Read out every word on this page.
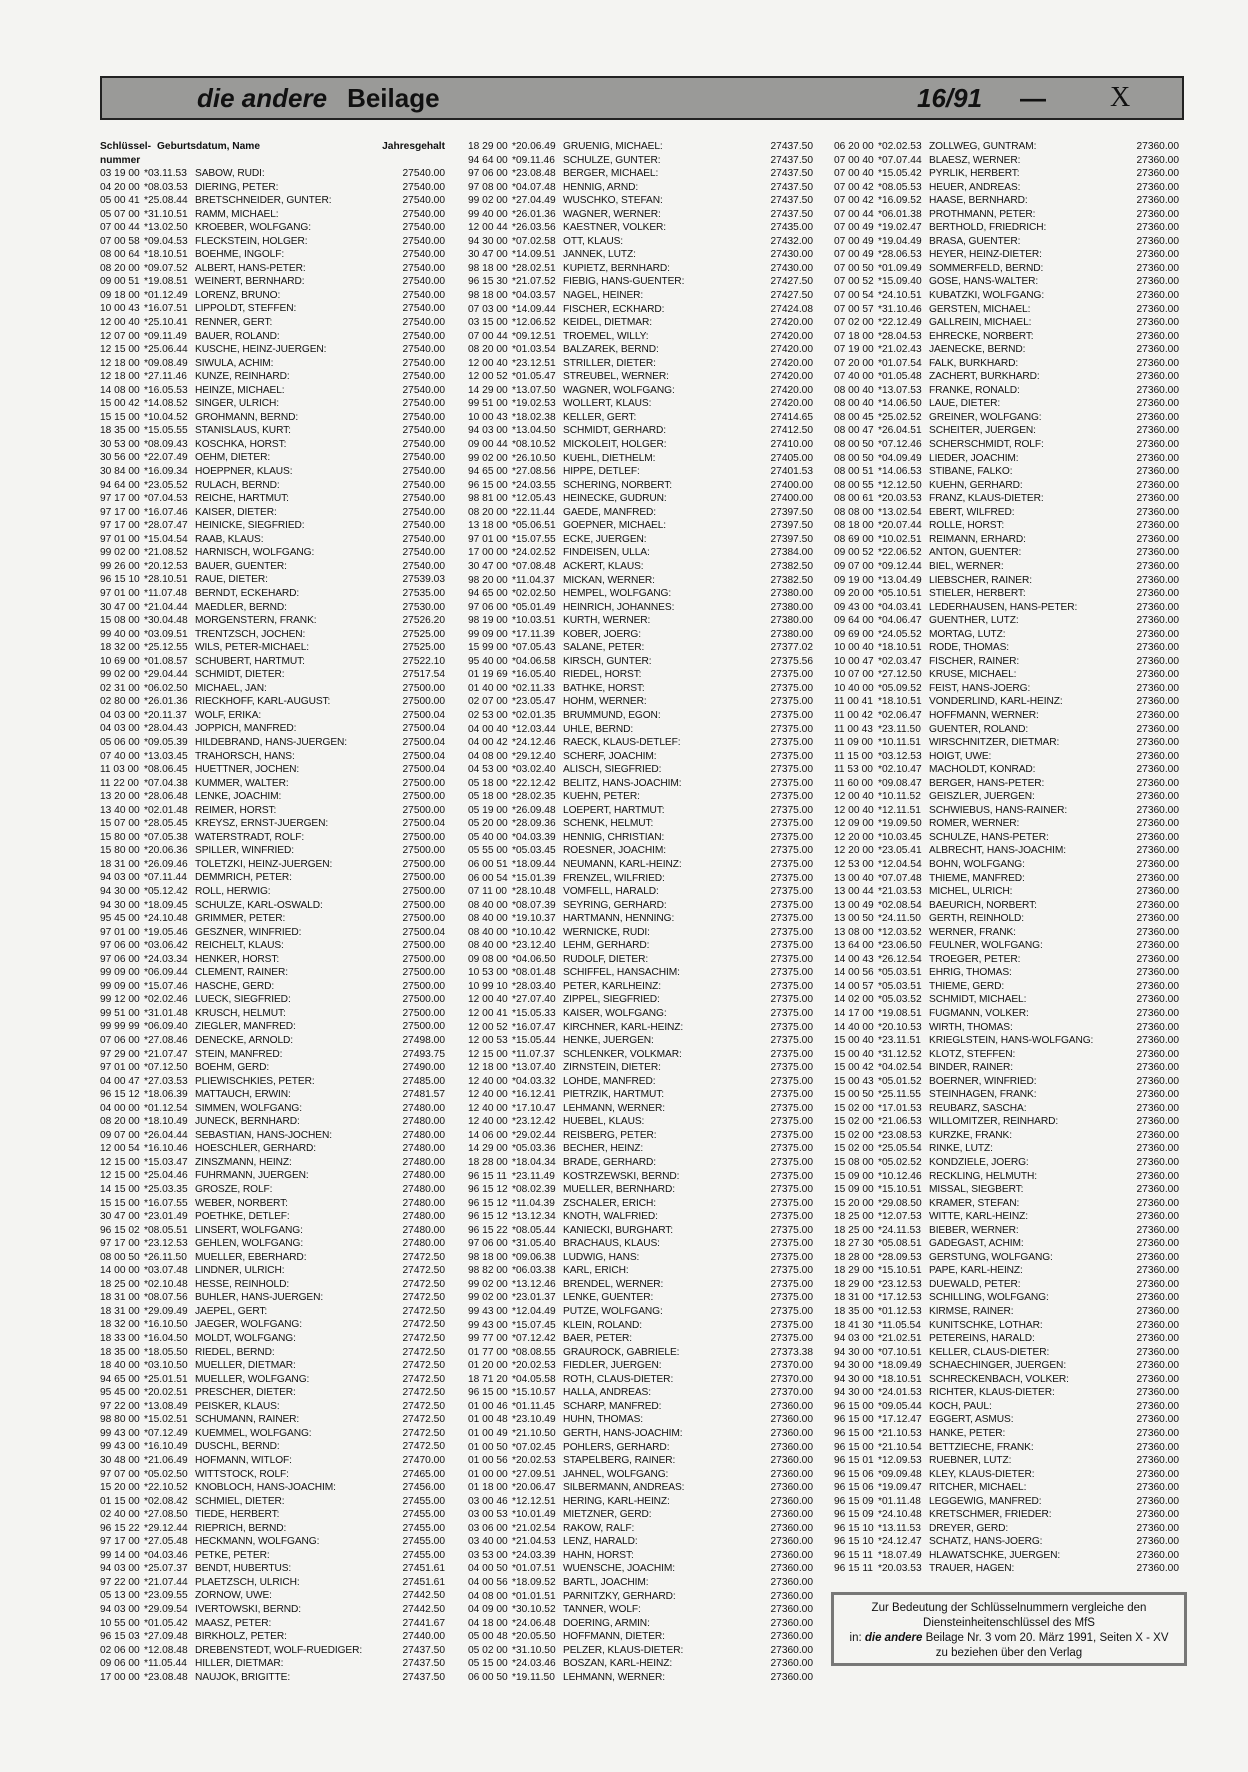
die andere Beilage	16/91 — X
Schlüssel-nummer
Geburtsdatum, Name	Jahresgehalt
03 19 00 *03.11.53 SABOW, RUDI:	27540.00
04 20 00 *08.03.53 DIERING, PETER:	27540.00
05 00 41 *25.08.44 BRETSCHNEIDER, GUNTER:	27540.00
05 07 00 *31.10.51 RAMM, MICHAEL:	27540.00
07 00 44 *13.02.50 KROEBER, WOLFGANG:	27540.00
07 00 58 *09.04.53 FLECKSTEIN, HOLGER:	27540.00
08 00 64 *18.10.51 BOEHME, INGOLF:	27540.00
08 20 00 *09.07.52 ALBERT, HANS-PETER:	27540.00
09 00 51 *19.08.51 WEINERT, BERNHARD:	27540.00
09 18 00 *01.12.49 LORENZ, BRUNO:	27540.00
10 00 43 *16.07.51 LIPPOLDT, STEFFEN:	27540.00
12 00 40 *25.10.41 RENNER, GERT:	27540.00
12 07 00 *09.11.49 BAUER, ROLAND:	27540.00
12 15 00 *25.06.44 KUSCHE, HEINZ-JUERGEN:	27540.00
12 18 00 *09.08.49 SIWULA, ACHIM:	27540.00
12 18 00 *27.11.46 KUNZE, REINHARD:	27540.00
14 08 00 *16.05.53 HEINZE, MICHAEL:	27540.00
15 00 42 *14.08.52 SINGER, ULRICH:	27540.00
15 15 00 *10.04.52 GROHMANN, BERND:	27540.00
18 35 00 *15.05.55 STANISLAUS, KURT:	27540.00
30 53 00 *08.09.43 KOSCHKA, HORST:	27540.00
30 56 00 *22.07.49 OEHM, DIETER:	27540.00
30 84 00 *16.09.34 HOEPPNER, KLAUS:	27540.00
94 64 00 *23.05.52 RULACH, BERND:	27540.00
97 17 00 *07.04.53 REICHE, HARTMUT:	27540.00
97 17 00 *16.07.46 KAISER, DIETER:	27540.00
97 17 00 *28.07.47 HEINICKE, SIEGFRIED:	27540.00
97 01 00 *15.04.54 RAAB, KLAUS:	27540.00
99 02 00 *21.08.52 HARNISCH, WOLFGANG:	27540.00
99 26 00 *20.12.53 BAUER, GUENTER:	27540.00
96 15 10 *28.10.51 RAUE, DIETER:	27539.03
97 01 00 *11.07.48 BERNDT, ECKEHARD:	27535.00
30 47 00 *21.04.44 MAEDLER, BERND:	27530.00
15 08 00 *30.04.48 MORGENSTERN, FRANK:	27526.20
99 40 00 *03.09.51 TRENTZSCH, JOCHEN:	27525.00
18 32 00 *25.12.55 WILS, PETER-MICHAEL:	27525.00
10 69 00 *01.08.57 SCHUBERT, HARTMUT:	27522.10
99 02 00 *29.04.44 SCHMIDT, DIETER:	27517.54
02 31 00 *06.02.50 MICHAEL, JAN:	27500.00
02 80 00 *26.01.36 RIECKHOFF, KARL-AUGUST:	27500.00
04 03 00 *20.11.37 WOLF, ERIKA:	27500.04
04 03 00 *28.04.43 JOPPICH, MANFRED:	27500.04
05 06 00 *09.05.39 HILDEBRAND, HANS-JUERGEN:	27500.04
07 40 00 *13.03.45 TRAHORSCH, HANS:	27500.04
11 03 00 *08.06.45 HUETTNER, JOCHEN:	27500.04
11 22 00 *07.04.38 KUMMER, WALTER:	27500.00
13 20 00 *28.06.48 LENKE, JOACHIM:	27500.00
13 40 00 *02.01.48 REIMER, HORST:	27500.00
15 07 00 *28.05.45 KREYSZ, ERNST-JUERGEN:	27500.04
15 80 00 *07.05.38 WATERSTRADT, ROLF:	27500.00
15 80 00 *20.06.36 SPILLER, WINFRIED:	27500.00
18 31 00 *26.09.46 TOLETZKI, HEINZ-JUERGEN:	27500.00
94 03 00 *07.11.44 DEMMRICH, PETER:	27500.00
94 30 00 *05.12.42 ROLL, HERWIG:	27500.00
94 30 00 *18.09.45 SCHULZE, KARL-OSWALD:	27500.00
95 45 00 *24.10.48 GRIMMER, PETER:	27500.00
97 01 00 *19.05.46 GESZNER, WINFRIED:	27500.04
97 06 00 *03.06.42 REICHELT, KLAUS:	27500.00
97 06 00 *24.03.34 HENKER, HORST:	27500.00
99 09 00 *06.09.44 CLEMENT, RAINER:	27500.00
99 09 00 *15.07.46 HASCHE, GERD:	27500.00
99 12 00 *02.02.46 LUECK, SIEGFRIED:	27500.00
99 51 00 *31.01.48 KRUSCH, HELMUT:	27500.00
99 99 99 *06.09.40 ZIEGLER, MANFRED:	27500.00
07 06 00 *27.08.46 DENECKE, ARNOLD:	27498.00
97 29 00 *21.07.47 STEIN, MANFRED:	27493.75
97 01 00 *07.12.50 BOEHM, GERD:	27490.00
04 00 47 *27.03.53 PLIEWISCHKIES, PETER:	27485.00
96 15 12 *18.06.39 MATTAUCH, ERWIN:	27481.57
04 00 00 *01.12.54 SIMMEN, WOLFGANG:	27480.00
08 20 00 *18.10.49 JUNECK, BERNHARD:	27480.00
09 07 00 *26.04.44 SEBASTIAN, HANS-JOCHEN:	27480.00
12 00 54 *16.10.46 HOESCHLER, GERHARD:	27480.00
12 15 00 *15.03.47 ZINSZMANN, HEINZ:	27480.00
12 15 00 *25.04.46 FUHRMANN, JUERGEN:	27480.00
14 15 00 *25.03.35 GROSZE, ROLF:	27480.00
15 15 00 *16.07.55 WEBER, NORBERT:	27480.00
30 47 00 *23.01.49 POETHKE, DETLEF:	27480.00
96 15 02 *08.05.51 LINSERT, WOLFGANG:	27480.00
97 17 00 *23.12.53 GEHLEN, WOLFGANG:	27480.00
08 00 50 *26.11.50 MUELLER, EBERHARD:	27472.50
14 00 00 *03.07.48 LINDNER, ULRICH:	27472.50
18 25 00 *02.10.48 HESSE, REINHOLD:	27472.50
18 31 00 *08.07.56 BUHLER, HANS-JUERGEN:	27472.50
18 31 00 *29.09.49 JAEPEL, GERT:	27472.50
18 32 00 *16.10.50 JAEGER, WOLFGANG:	27472.50
18 33 00 *16.04.50 MOLDT, WOLFGANG:	27472.50
18 35 00 *18.05.50 RIEDEL, BERND:	27472.50
18 40 00 *03.10.50 MUELLER, DIETMAR:	27472.50
94 65 00 *25.01.51 MUELLER, WOLFGANG:	27472.50
95 45 00 *20.02.51 PRESCHER, DIETER:	27472.50
97 22 00 *13.08.49 PEISKER, KLAUS:	27472.50
98 80 00 *15.02.51 SCHUMANN, RAINER:	27472.50
99 43 00 *07.12.49 KUEMMEL, WOLFGANG:	27472.50
99 43 00 *16.10.49 DUSCHL, BERND:	27472.50
30 48 00 *21.06.49 HOFMANN, WITLOF:	27470.00
97 07 00 *05.02.50 WITTSTOCK, ROLF:	27465.00
15 20 00 *22.10.52 KNOBLOCH, HANS-JOACHIM:	27456.00
01 15 00 *02.08.42 SCHMIEL, DIETER:	27455.00
02 40 00 *27.08.50 TIEDE, HERBERT:	27455.00
96 15 22 *29.12.44 RIEPRICH, BERND:	27455.00
97 17 00 *27.05.48 HECKMANN, WOLFGANG:	27455.00
99 14 00 *04.03.46 PETKE, PETER:	27455.00
94 03 00 *25.07.37 BENDT, HUBERTUS:	27451.61
97 22 00 *21.07.44 PLAETZSCH, ULRICH:	27451.61
05 13 00 *23.09.55 ZORNOW, UWE:	27442.50
94 03 00 *29.09.54 IVERTOWSKI, BERND:	27442.50
10 55 00 *01.05.42 MAASZ, PETER:	27441.67
96 15 03 *27.09.48 BIRKHOLZ, PETER:	27440.00
02 06 00 *12.08.48 DREBENSTEDT, WOLF-RUEDIGER:	27437.50
09 06 00 *11.05.44 HILLER, DIETMAR:	27437.50
17 00 00 *23.08.48 NAUJOK, BRIGITTE:	27437.50
18 29 00 *20.06.49 GRUENIG, MICHAEL:	27437.50
94 64 00 *09.11.46 SCHULZE, GUNTER:	27437.50
97 06 00 *23.08.48 BERGER, MICHAEL:	27437.50
97 08 00 *04.07.48 HENNIG, ARND:	27437.50
99 02 00 *27.04.49 WUSCHKO, STEFAN:	27437.50
99 40 00 *26.01.36 WAGNER, WERNER:	27437.50
12 00 44 *26.03.56 KAESTNER, VOLKER:	27435.00
94 30 00 *07.02.58 OTT, KLAUS:	27432.00
30 47 00 *14.09.51 JANNEK, LUTZ:	27430.00
98 18 00 *28.02.51 KUPIETZ, BERNHARD:	27430.00
96 15 30 *21.07.52 FIEBIG, HANS-GUENTER:	27427.50
98 18 00 *04.03.57 NAGEL, HEINER:	27427.50
07 03 00 *14.09.44 FISCHER, ECKHARD:	27424.08
03 15 00 *12.06.52 KEIDEL, DIETMAR:	27420.00
07 00 44 *09.12.51 TROEMEL, WILLY:	27420.00
08 20 00 *01.03.54 BALZAREK, BERND:	27420.00
12 00 40 *23.12.51 STRILLER, DIETER:	27420.00
12 00 52 *01.05.47 STREUBEL, WERNER:	27420.00
14 29 00 *13.07.50 WAGNER, WOLFGANG:	27420.00
99 51 00 *19.02.53 WOLLERT, KLAUS:	27420.00
10 00 43 *18.02.38 KELLER, GERT:	27414.65
94 03 00 *13.04.50 SCHMIDT, GERHARD:	27412.50
09 00 44 *08.10.52 MICKOLEIT, HOLGER:	27410.00
99 02 00 *26.10.50 KUEHL, DIETHELM:	27405.00
94 65 00 *27.08.56 HIPPE, DETLEF:	27401.53
96 15 00 *24.03.55 SCHERING, NORBERT:	27400.00
98 81 00 *12.05.43 HEINECKE, GUDRUN:	27400.00
08 20 00 *22.11.44 GAEDE, MANFRED:	27397.50
13 18 00 *05.06.51 GOEPNER, MICHAEL:	27397.50
97 01 00 *15.07.55 ECKE, JUERGEN:	27397.50
17 00 00 *24.02.52 FINDEISEN, ULLA:	27384.00
30 47 00 *07.08.48 ACKERT, KLAUS:	27382.50
98 20 00 *11.04.37 MICKAN, WERNER:	27382.50
94 65 00 *02.02.50 HEMPEL, WOLFGANG:	27380.00
97 06 00 *05.01.49 HEINRICH, JOHANNES:	27380.00
98 19 00 *10.03.51 KURTH, WERNER:	27380.00
99 09 00 *17.11.39 KOBER, JOERG:	27380.00
15 99 00 *07.05.43 SALANE, PETER:	27377.02
95 40 00 *04.06.58 KIRSCH, GUNTER:	27375.56
01 19 69 *16.05.40 RIEDEL, HORST:	27375.00
01 40 00 *02.11.33 BATHKE, HORST:	27375.00
02 07 00 *23.05.47 HOHM, WERNER:	27375.00
02 53 00 *02.01.35 BRUMMUND, EGON:	27375.00
04 00 40 *12.03.44 UHLE, BERND:	27375.00
04 00 42 *24.12.46 RAECK, KLAUS-DETLEF:	27375.00
04 08 00 *29.12.40 SCHERF, JOACHIM:	27375.00
04 53 00 *03.02.40 ALISCH, SIEGFRIED:	27375.00
05 18 00 *22.12.42 BELITZ, HANS-JOACHIM:	27375.00
05 18 00 *28.02.35 KUEHN, PETER:	27375.00
05 19 00 *26.09.48 LOEPERT, HARTMUT:	27375.00
05 20 00 *28.09.36 SCHENK, HELMUT:	27375.00
05 40 00 *04.03.39 HENNIG, CHRISTIAN:	27375.00
05 55 00 *05.03.45 ROESNER, JOACHIM:	27375.00
06 00 51 *18.09.44 NEUMANN, KARL-HEINZ:	27375.00
06 00 54 *15.01.39 FRENZEL, WILFRIED:	27375.00
07 11 00 *28.10.48 VOMFELL, HARALD:	27375.00
08 40 00 *08.07.39 SEYRING, GERHARD:	27375.00
08 40 00 *19.10.37 HARTMANN, HENNING:	27375.00
08 40 00 *10.10.42 WERNICKE, RUDI:	27375.00
08 40 00 *23.12.40 LEHM, GERHARD:	27375.00
09 08 00 *04.06.50 RUDOLF, DIETER:	27375.00
10 53 00 *08.01.48 SCHIFFEL, HANSACHIM:	27375.00
10 99 10 *28.03.40 PETER, KARLHEINZ:	27375.00
12 00 40 *27.07.40 ZIPPEL, SIEGFRIED:	27375.00
12 00 41 *15.05.33 KAISER, WOLFGANG:	27375.00
12 00 52 *16.07.47 KIRCHNER, KARL-HEINZ:	27375.00
12 00 53 *15.05.44 HENKE, JUERGEN:	27375.00
12 15 00 *11.07.37 SCHLENKER, VOLKMAR:	27375.00
12 18 00 *13.07.40 ZIRNSTEIN, DIETER:	27375.00
12 40 00 *04.03.32 LOHDE, MANFRED:	27375.00
12 40 00 *16.12.41 PIETRZIK, HARTMUT:	27375.00
12 40 00 *17.10.47 LEHMANN, WERNER:	27375.00
12 40 00 *23.12.42 HUEBEL, KLAUS:	27375.00
14 06 00 *29.02.44 REISBERG, PETER:	27375.00
14 29 00 *05.03.36 BECHER, HEINZ:	27375.00
18 28 00 *18.04.34 BRADE, GERHARD:	27375.00
96 15 11 *23.11.49 KOSTRZEWSKI, BERND:	27375.00
96 15 12 *08.02.39 MUELLER, BERNHARD:	27375.00
96 15 12 *11.04.39 ZSCHALER, ERICH:	27375.00
96 15 12 *13.12.34 KNOTH, WALFRIED:	27375.00
96 15 22 *08.05.44 KANIECKI, BURGHART:	27375.00
97 06 00 *31.05.40 BRACHAUS, KLAUS:	27375.00
98 18 00 *09.06.38 LUDWIG, HANS:	27375.00
98 82 00 *06.03.38 KARL, ERICH:	27375.00
99 02 00 *13.12.46 BRENDEL, WERNER:	27375.00
99 02 00 *23.01.37 LENKE, GUENTER:	27375.00
99 43 00 *12.04.49 PUTZE, WOLFGANG:	27375.00
99 43 00 *15.07.45 KLEIN, ROLAND:	27375.00
99 77 00 *07.12.42 BAER, PETER:	27375.00
01 77 00 *08.08.55 GRAUROCK, GABRIELE:	27373.38
01 20 00 *20.02.53 FIEDLER, JUERGEN:	27370.00
18 71 20 *04.05.58 ROTH, CLAUS-DIETER:	27370.00
96 15 00 *15.10.57 HALLA, ANDREAS:	27370.00
01 00 46 *01.11.45 SCHARP, MANFRED:	27360.00
01 00 48 *23.10.49 HUHN, THOMAS:	27360.00
01 00 49 *21.10.50 GERTH, HANS-JOACHIM:	27360.00
01 00 50 *07.02.45 POHLERS, GERHARD:	27360.00
01 00 56 *20.02.53 STAPELBERG, RAINER:	27360.00
01 00 00 *27.09.51 JAHNEL, WOLFGANG:	27360.00
01 18 00 *20.06.47 SILBERMANN, ANDREAS:	27360.00
03 00 46 *12.12.51 HERING, KARL-HEINZ:	27360.00
03 00 53 *10.01.49 MIETZNER, GERD:	27360.00
03 06 00 *21.02.54 RAKOW, RALF:	27360.00
03 40 00 *21.04.53 LENZ, HARALD:	27360.00
03 53 00 *24.03.39 HAHN, HORST:	27360.00
04 00 50 *01.07.51 WUENSCHE, JOACHIM:	27360.00
04 00 56 *18.09.52 BARTL, JOACHIM:	27360.00
04 08 00 *01.01.51 PARNITZKY, GERHARD:	27360.00
04 09 00 *30.10.52 TANNER, WOLF:	27360.00
04 18 00 *24.06.48 DOERING, ARMIN:	27360.00
05 00 48 *20.05.50 HOFFMANN, DIETER:	27360.00
05 02 00 *31.10.50 PELZER, KLAUS-DIETER:	27360.00
05 15 00 *24.03.46 BOSZAN, KARL-HEINZ:	27360.00
06 00 50 *19.11.50 LEHMANN, WERNER:	27360.00
06 20 00 *02.02.53 ZOLLWEG, GUNTRAM:	27360.00
07 00 40 *07.07.44 BLAESZ, WERNER:	27360.00
07 00 40 *15.05.42 PYRLIK, HERBERT:	27360.00
07 00 42 *08.05.53 HEUER, ANDREAS:	27360.00
07 00 42 *16.09.52 HAASE, BERNHARD:	27360.00
07 00 44 *06.01.38 PROTHMANN, PETER:	27360.00
07 00 49 *19.02.47 BERTHOLD, FRIEDRICH:	27360.00
07 00 49 *19.04.49 BRASA, GUENTER:	27360.00
07 00 49 *28.06.53 HEYER, HEINZ-DIETER:	27360.00
07 00 50 *01.09.49 SOMMERFELD, BERND:	27360.00
07 00 52 *15.09.40 GOSE, HANS-WALTER:	27360.00
07 00 54 *24.10.51 KUBATZKI, WOLFGANG:	27360.00
07 00 57 *31.10.46 GERSTEN, MICHAEL:	27360.00
07 02 00 *22.12.49 GALLREIN, MICHAEL:	27360.00
07 18 00 *28.04.53 EHRECKE, NORBERT:	27360.00
07 19 00 *21.02.43 JAENECKE, BERND:	27360.00
07 20 00 *01.07.54 FALK, BURKHARD:	27360.00
07 40 00 *01.05.48 ZACHERT, BURKHARD:	27360.00
08 00 40 *13.07.53 FRANKE, RONALD:	27360.00
08 00 40 *14.06.50 LAUE, DIETER:	27360.00
08 00 45 *25.02.52 GREINER, WOLFGANG:	27360.00
08 00 47 *26.04.51 SCHEITER, JUERGEN:	27360.00
08 00 50 *07.12.46 SCHERSCHMIDT, ROLF:	27360.00
08 00 50 *04.09.49 LIEDER, JOACHIM:	27360.00
08 00 51 *14.06.53 STIBANE, FALKO:	27360.00
08 00 55 *12.12.50 KUEHN, GERHARD:	27360.00
08 00 61 *20.03.53 FRANZ, KLAUS-DIETER:	27360.00
08 08 00 *13.02.54 EBERT, WILFRED:	27360.00
08 18 00 *20.07.44 ROLLE, HORST:	27360.00
08 69 00 *10.02.51 REIMANN, ERHARD:	27360.00
09 00 52 *22.06.52 ANTON, GUENTER:	27360.00
09 07 00 *09.12.44 BIEL, WERNER:	27360.00
09 19 00 *13.04.49 LIEBSCHER, RAINER:	27360.00
09 20 00 *05.10.51 STIELER, HERBERT:	27360.00
09 43 00 *04.03.41 LEDERHAUSEN, HANS-PETER:	27360.00
09 64 00 *04.06.47 GUENTHER, LUTZ:	27360.00
09 69 00 *24.05.52 MORTAG, LUTZ:	27360.00
10 00 40 *18.10.51 RODE, THOMAS:	27360.00
10 00 47 *02.03.47 FISCHER, RAINER:	27360.00
10 07 00 *27.12.50 KRUSE, MICHAEL:	27360.00
10 40 00 *05.09.52 FEIST, HANS-JOERG:	27360.00
11 00 41 *18.10.51 VONDERLIND, KARL-HEINZ:	27360.00
11 00 42 *02.06.47 HOFFMANN, WERNER:	27360.00
11 00 43 *23.11.50 GUENTER, ROLAND:	27360.00
11 09 00 *10.11.51 WIRSCHNITZER, DIETMAR:	27360.00
11 15 00 *03.12.53 HOIGT, UWE:	27360.00
11 53 00 *02.10.47 MACHOLDT, KONRAD:	27360.00
11 60 00 *09.08.47 BERGER, HANS-PETER:	27360.00
12 00 40 *10.11.52 GEISZLER, JUERGEN:	27360.00
12 00 40 *12.11.51 SCHWIEBUS, HANS-RAINER:	27360.00
12 09 00 *19.09.50 ROMER, WERNER:	27360.00
12 20 00 *10.03.45 SCHULZE, HANS-PETER:	27360.00
12 20 00 *23.05.41 ALBRECHT, HANS-JOACHIM:	27360.00
12 53 00 *12.04.54 BOHN, WOLFGANG:	27360.00
13 00 40 *07.07.48 THIEME, MANFRED:	27360.00
13 00 44 *21.03.53 MICHEL, ULRICH:	27360.00
13 00 49 *02.08.54 BAEURICH, NORBERT:	27360.00
13 00 50 *24.11.50 GERTH, REINHOLD:	27360.00
13 08 00 *12.03.52 WERNER, FRANK:	27360.00
13 64 00 *23.06.50 FEULNER, WOLFGANG:	27360.00
14 00 43 *26.12.54 TROEGER, PETER:	27360.00
14 00 56 *05.03.51 EHRIG, THOMAS:	27360.00
14 00 57 *05.03.51 THIEME, GERD:	27360.00
14 02 00 *05.03.52 SCHMIDT, MICHAEL:	27360.00
14 17 00 *19.08.51 FUGMANN, VOLKER:	27360.00
14 40 00 *20.10.53 WIRTH, THOMAS:	27360.00
15 00 40 *23.11.51 KRIEGLSTEIN, HANS-WOLFGANG:	27360.00
15 00 40 *31.12.52 KLOTZ, STEFFEN:	27360.00
15 00 42 *04.02.54 BINDER, RAINER:	27360.00
15 00 43 *05.01.52 BOERNER, WINFRIED:	27360.00
15 00 50 *25.11.55 STEINHAGEN, FRANK:	27360.00
15 02 00 *17.01.53 REUBARZ, SASCHA:	27360.00
15 02 00 *21.06.53 WILLOMITZER, REINHARD:	27360.00
15 02 00 *23.08.53 KURZKE, FRANK:	27360.00
15 02 00 *25.05.54 RINKE, LUTZ:	27360.00
15 08 00 *05.02.52 KONDZIELE, JOERG:	27360.00
15 09 00 *10.12.46 RECKLING, HELMUTH:	27360.00
15 09 00 *15.10.51 MISSAL, SIEGBERT:	27360.00
15 20 00 *29.08.50 KRAMER, STEFAN:	27360.00
18 25 00 *12.07.53 WITTE, KARL-HEINZ:	27360.00
18 25 00 *24.11.53 BIEBER, WERNER:	27360.00
18 27 30 *05.08.51 GADEGAST, ACHIM:	27360.00
18 28 00 *28.09.53 GERSTUNG, WOLFGANG:	27360.00
18 29 00 *15.10.51 PAPE, KARL-HEINZ:	27360.00
18 29 00 *23.12.53 DUEWALD, PETER:	27360.00
18 31 00 *17.12.53 SCHILLING, WOLFGANG:	27360.00
18 35 00 *01.12.53 KIRMSE, RAINER:	27360.00
18 41 30 *11.05.54 KUNITSCHKE, LOTHAR:	27360.00
94 03 00 *21.02.51 PETEREINS, HARALD:	27360.00
94 30 00 *07.10.51 KELLER, CLAUS-DIETER:	27360.00
94 30 00 *18.09.49 SCHAECHINGER, JUERGEN:	27360.00
94 30 00 *18.10.51 SCHRECKENBACH, VOLKER:	27360.00
94 30 00 *24.01.53 RICHTER, KLAUS-DIETER:	27360.00
96 15 00 *09.05.44 KOCH, PAUL:	27360.00
96 15 00 *17.12.47 EGGERT, ASMUS:	27360.00
96 15 00 *21.10.53 HANKE, PETER:	27360.00
96 15 00 *21.10.54 BETTZIECHE, FRANK:	27360.00
96 15 01 *12.09.53 RUEBNER, LUTZ:	27360.00
96 15 06 *09.09.48 KLEY, KLAUS-DIETER:	27360.00
96 15 06 *19.09.47 RITCHER, MICHAEL:	27360.00
96 15 09 *01.11.48 LEGGEWIG, MANFRED:	27360.00
96 15 09 *24.10.48 KRETSCHMER, FRIEDER:	27360.00
96 15 10 *13.11.53 DREYER, GERD:	27360.00
96 15 10 *24.12.47 SCHATZ, HANS-JOERG:	27360.00
96 15 11 *18.07.49 HLAWATSCHKE, JUERGEN:	27360.00
96 15 11 *20.03.53 TRAUER, HAGEN:	27360.00
Zur Bedeutung der Schlüsselnummern vergleiche den
Diensteinheitenschlüssel des MfS
in: die andere Beilage Nr. 3 vom 20. März 1991, Seiten X - XV
zu beziehen über den Verlag
